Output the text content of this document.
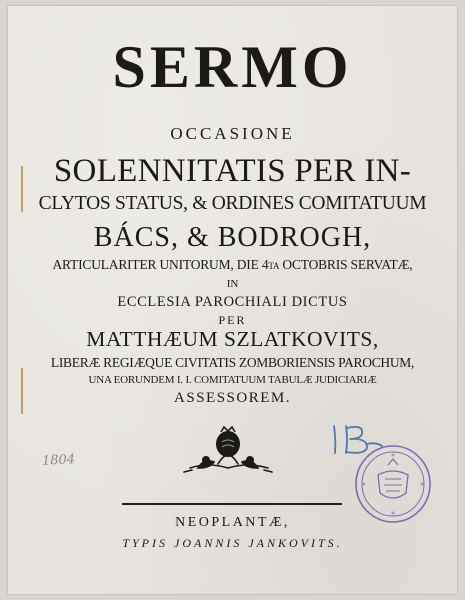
SERMO
OCCASIONE
SOLENNITATIS PER IN-
CLYTOS STATUS, & ORDINES COMITATUUM
BÁCS, & BODROGH,
ARTICULARITER UNITORUM, DIE 4ta OCTOBRIS SERVATÆ,
IN
ECCLESIA PAROCHIALI DICTUS
PER
MATTHÆUM SZLATKOVITS,
LIBERÆ REGIÆQUE CIVITATIS ZOMBORIENSIS PAROCHUM,
UNA EORUNDEM I. I. COMITATUUM TABULÆ JUDICIARIÆ
ASSESSOREM.
NEOPLANTÆ,
TYPIS JOANNIS JANKOVITS.
1804
